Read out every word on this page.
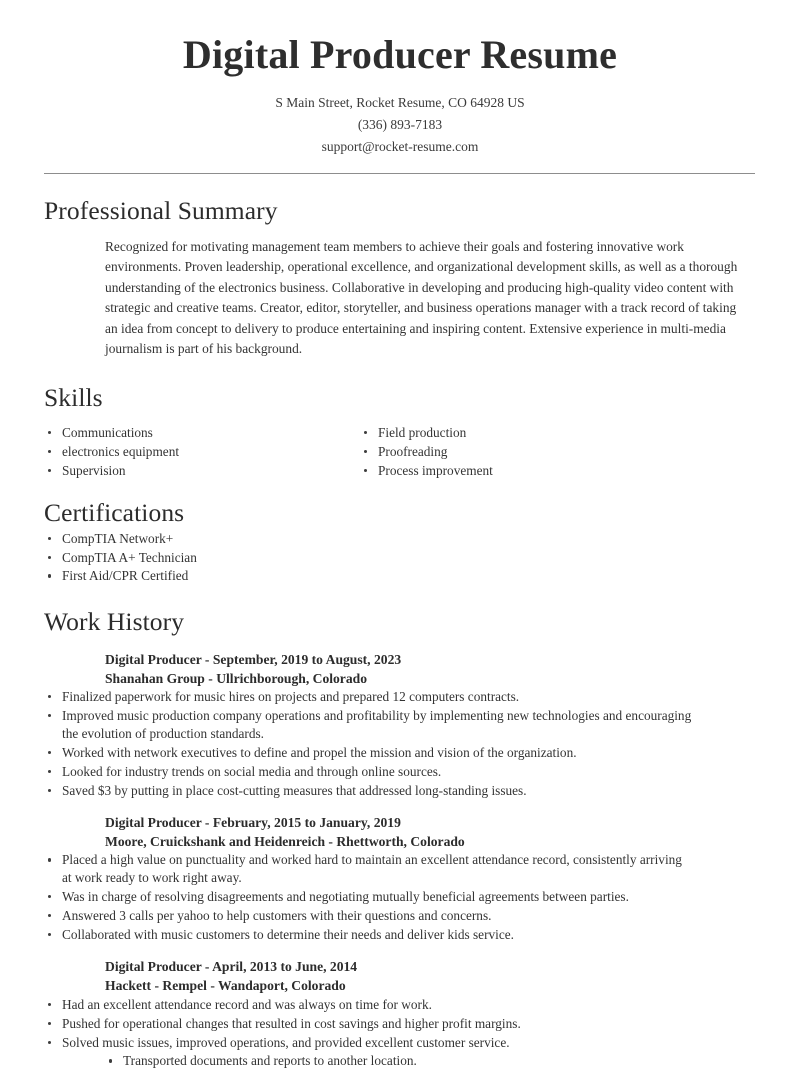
Digital Producer Resume
S Main Street, Rocket Resume, CO 64928 US
(336) 893-7183
support@rocket-resume.com
Professional Summary

Recognized for motivating management team members to achieve their goals and fostering innovative work environments. Proven leadership, operational excellence, and organizational development skills, as well as a thorough understanding of the electronics business. Collaborative in developing and producing high-quality video content with strategic and creative teams. Creator, editor, storyteller, and business operations manager with a track record of taking an idea from concept to delivery to produce entertaining and inspiring content. Extensive experience in multi-media journalism is part of his background.

Skills
Communications
electronics equipment
Supervision
Field production
Proofreading
Process improvement
Certifications
CompTIA Network+
CompTIA A+ Technician
First Aid/CPR Certified
Work History
Digital Producer - September, 2019 to August, 2023
Shanahan Group - Ullrichborough, Colorado
Finalized paperwork for music hires on projects and prepared 12 computers contracts.
Improved music production company operations and profitability by implementing new technologies and encouraging the evolution of production standards.
Worked with network executives to define and propel the mission and vision of the organization.
Looked for industry trends on social media and through online sources.
Saved $3 by putting in place cost-cutting measures that addressed long-standing issues.
Digital Producer - February, 2015 to January, 2019
Moore, Cruickshank and Heidenreich - Rhettworth, Colorado
Placed a high value on punctuality and worked hard to maintain an excellent attendance record, consistently arriving at work ready to work right away.
Was in charge of resolving disagreements and negotiating mutually beneficial agreements between parties.
Answered 3 calls per yahoo to help customers with their questions and concerns.
Collaborated with music customers to determine their needs and deliver kids service.
Digital Producer - April, 2013 to June, 2014
Hackett - Rempel - Wandaport, Colorado
Had an excellent attendance record and was always on time for work.
Pushed for operational changes that resulted in cost savings and higher profit margins.
Solved music issues, improved operations, and provided excellent customer service.
Transported documents and reports to another location.
